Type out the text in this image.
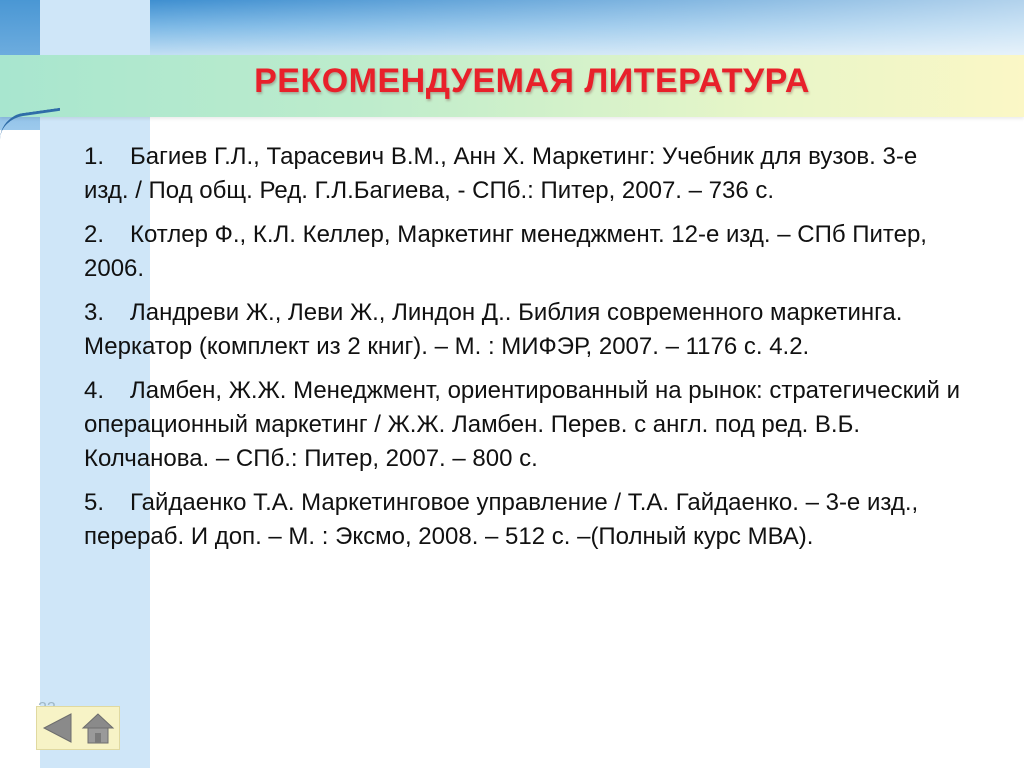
РЕКОМЕНДУЕМАЯ ЛИТЕРАТУРА

1. Багиев Г.Л., Тарасевич В.М., Анн Х. Маркетинг: Учебник для вузов. 3-е изд. / Под общ. Ред. Г.Л.Багиева, - СПб.: Питер, 2007. – 736 с.

2. Котлер Ф., К.Л. Келлер, Маркетинг менеджмент. 12-е изд. – СПб Питер, 2006.

3. Ландреви Ж., Леви Ж., Линдон Д.. Библия современного маркетинга. Меркатор (комплект из 2 книг). – М. : МИФЭР, 2007. – 1176 с. 4.2.

4. Ламбен, Ж.Ж. Менеджмент, ориентированный на рынок: стратегический и операционный маркетинг / Ж.Ж. Ламбен. Перев. с англ. под ред. В.Б. Колчанова. – СПб.: Питер, 2007. – 800 с.

5. Гайдаенко Т.А. Маркетинговое управление / Т.А. Гайдаенко. – 3-е изд., перераб. И доп. – М. : Эксмо, 2008. – 512 с. –(Полный курс МВА).
